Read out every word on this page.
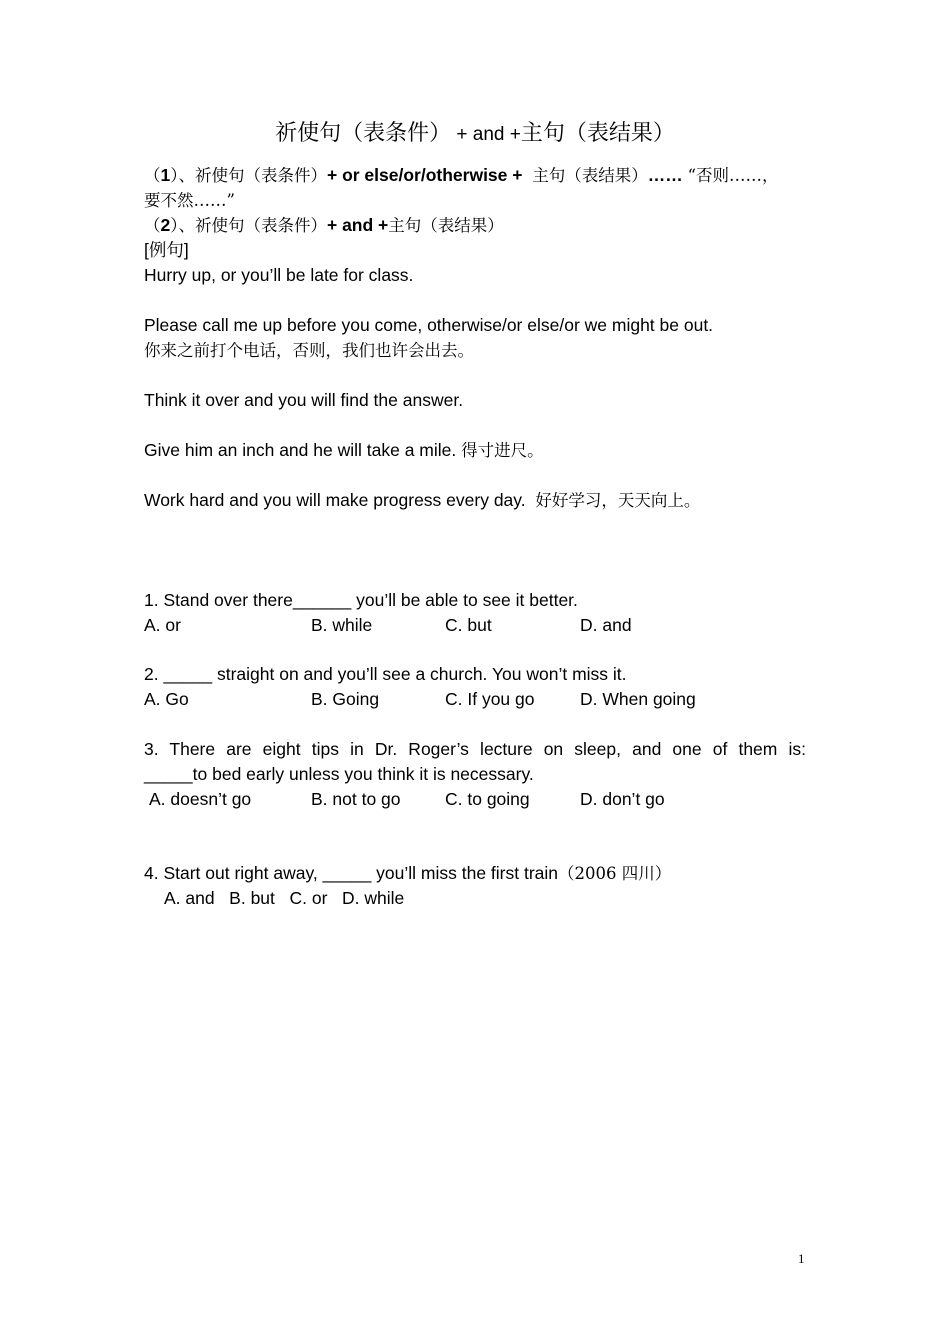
祈使句（表条件） + and +主句（表结果）
（1）、祈使句（表条件）+ or else/or/otherwise + 主句（表结果）…… “否则……，
要不然……”
（2）、祈使句（表条件）+ and +主句（表结果）
[例句]
Hurry up, or you’ll be late for class.
Please call me up before you come, otherwise/or else/or we might be out.
你来之前打个电话，否则，我们也许会出去。
Think it over and you will find the answer.
Give him an inch and he will take a mile. 得寸进尺。
Work hard and you will make progress every day. 好好学习，天天向上。
1. Stand over there______ you’ll be able to see it better.
A. or	B. while	C. but	D. and
2. _____ straight on and you’ll see a church. You won’t miss it.
A. Go	B. Going	C. If you go	D. When going
3. There are eight tips in Dr. Roger’s lecture on sleep, and one of them is:
_____to bed early unless you think it is necessary.
A. doesn’t go	B. not to go	C. to going	D. don’t go
4. Start out right away, _____ you’ll miss the first train（2006 四川）
A. and   B. but   C. or   D. while
1
